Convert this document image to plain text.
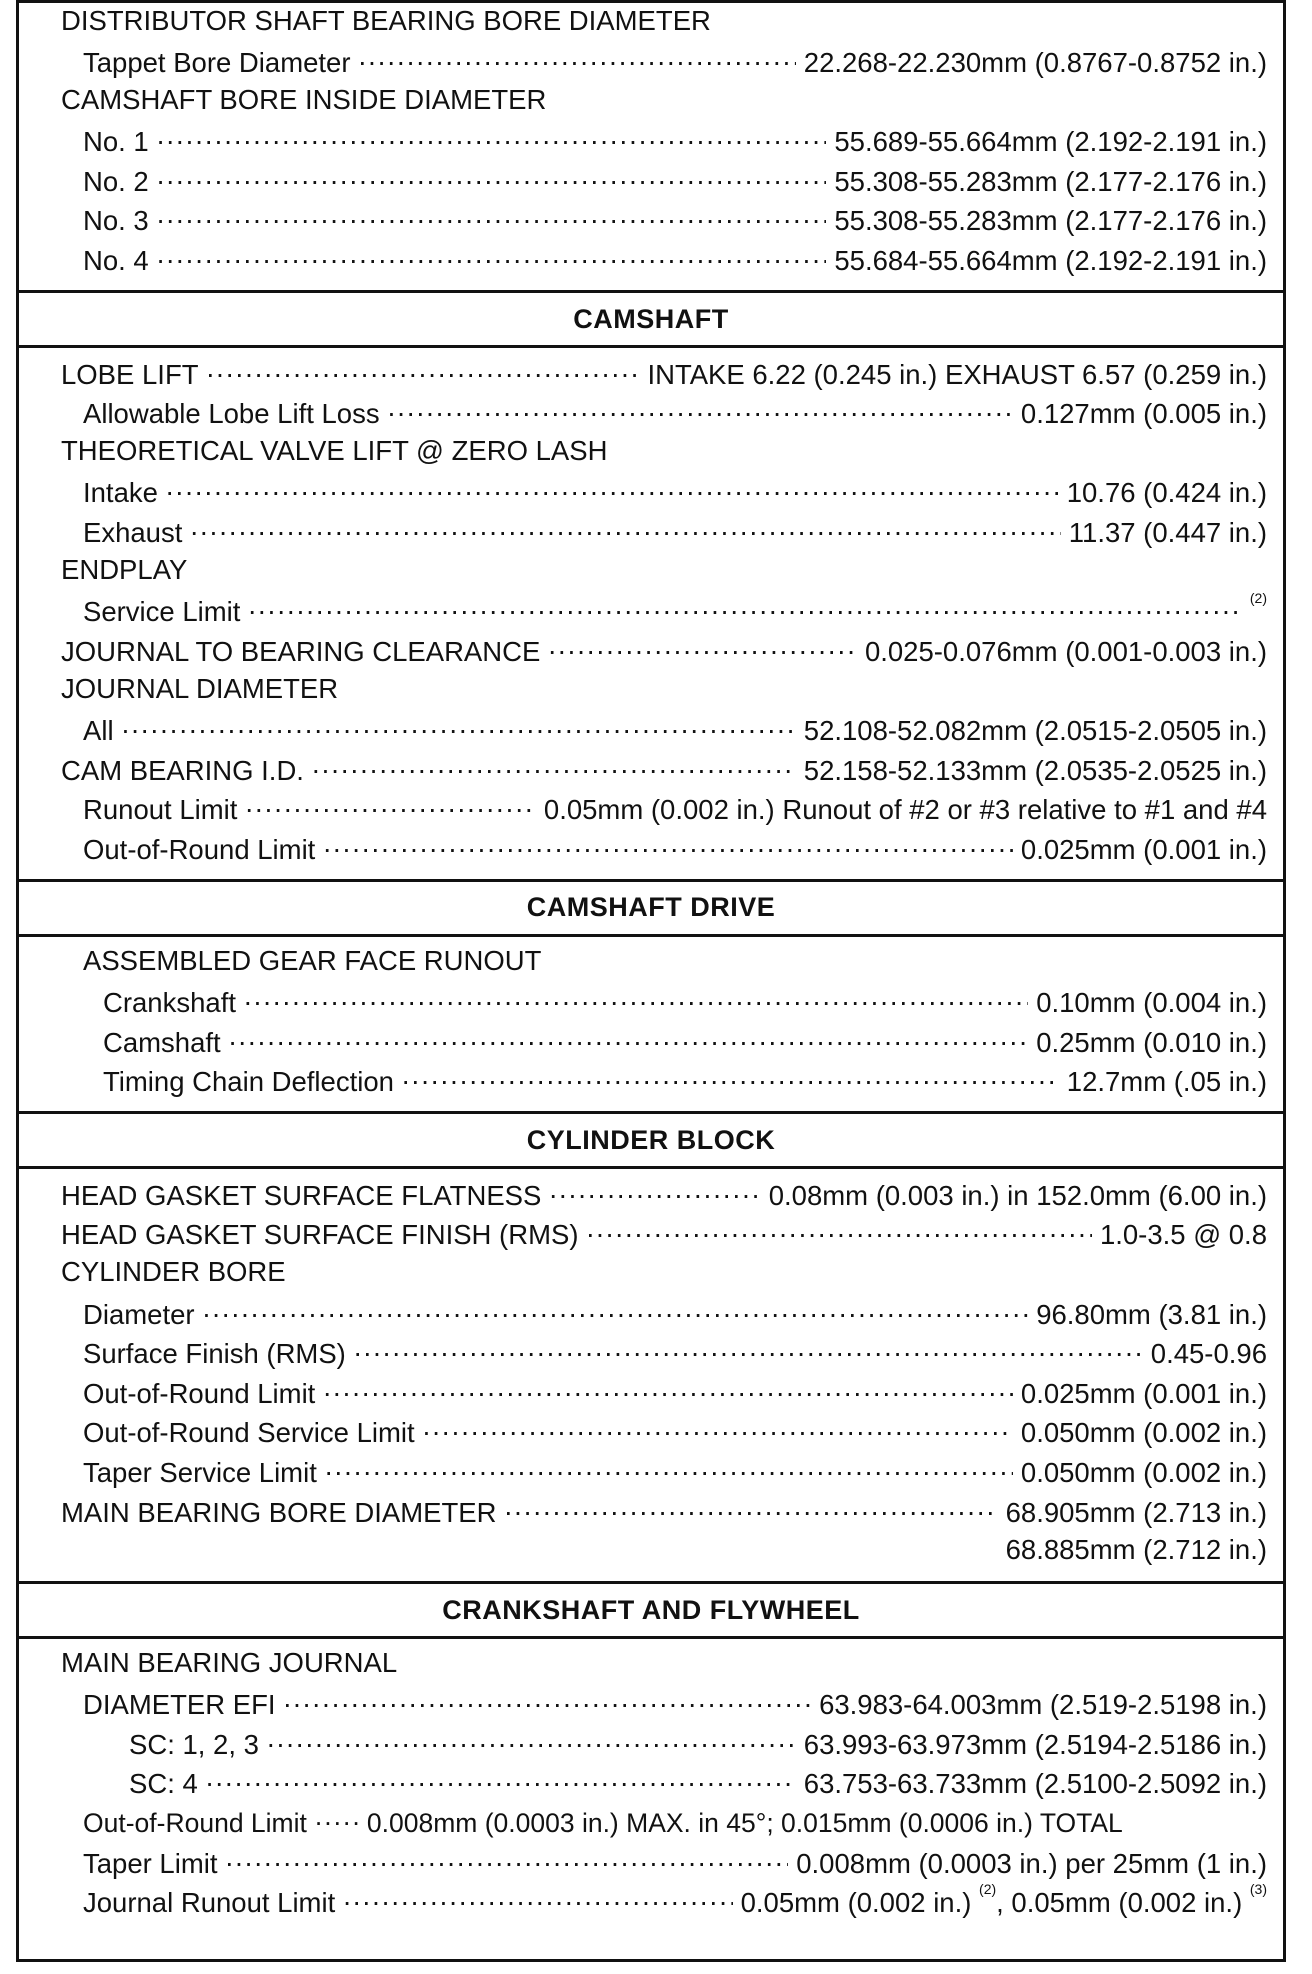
DISTRIBUTOR SHAFT BEARING BORE DIAMETER
Tappet Bore Diameter .....	22.268-22.230mm (0.8767-0.8752 in.)
CAMSHAFT BORE INSIDE DIAMETER
No. 1 .....	55.689-55.664mm (2.192-2.191 in.)
No. 2 .....	55.308-55.283mm (2.177-2.176 in.)
No. 3 .....	55.308-55.283mm (2.177-2.176 in.)
No. 4 .....	55.684-55.664mm (2.192-2.191 in.)
CAMSHAFT
LOBE LIFT .....	INTAKE 6.22 (0.245 in.) EXHAUST 6.57 (0.259 in.)
Allowable Lobe Lift Loss .....	0.127mm (0.005 in.)
THEORETICAL VALVE LIFT @ ZERO LASH
Intake .....	10.76 (0.424 in.)
Exhaust .....	11.37 (0.447 in.)
ENDPLAY
Service Limit .....	$^{(2)}$
JOURNAL TO BEARING CLEARANCE .....	0.025-0.076mm (0.001-0.003 in.)
JOURNAL DIAMETER
All .....	52.108-52.082mm (2.0515-2.0505 in.)
CAM BEARING I.D. .....	52.158-52.133mm (2.0535-2.0525 in.)
Runout Limit .....	0.05mm (0.002 in.) Runout of #2 or #3 relative to #1 and #4
Out-of-Round Limit .....	0.025mm (0.001 in.)
CAMSHAFT DRIVE
ASSEMBLED GEAR FACE RUNOUT
Crankshaft .....	0.10mm (0.004 in.)
Camshaft .....	0.25mm (0.010 in.)
Timing Chain Deflection .....	12.7mm (.05 in.)
CYLINDER BLOCK
HEAD GASKET SURFACE FLATNESS .....	0.08mm (0.003 in.) in 152.0mm (6.00 in.)
HEAD GASKET SURFACE FINISH (RMS) .....	1.0-3.5 @ 0.8
CYLINDER BORE
Diameter .....	96.80mm (3.81 in.)
Surface Finish (RMS) .....	0.45-0.96
Out-of-Round Limit .....	0.025mm (0.001 in.)
Out-of-Round Service Limit .....	0.050mm (0.002 in.)
Taper Service Limit .....	0.050mm (0.002 in.)
MAIN BEARING BORE DIAMETER .....	68.905mm (2.713 in.)
68.885mm (2.712 in.)
CRANKSHAFT AND FLYWHEEL
MAIN BEARING JOURNAL
DIAMETER EFI .....	63.983-64.003mm (2.519-2.5198 in.)
SC: 1, 2, 3 .....	63.993-63.973mm (2.5194-2.5186 in.)
SC: 4 .....	63.753-63.733mm (2.5100-2.5092 in.)
Out-of-Round Limit ..... 0.008mm (0.0003 in.) MAX. in 45°; 0.015mm (0.0006 in.) TOTAL
Taper Limit .....	0.008mm (0.0003 in.) per 25mm (1 in.)
Journal Runout Limit .....	0.05mm (0.002 in.) $^{(2)}$, 0.05mm (0.002 in.) $^{(3)}$
